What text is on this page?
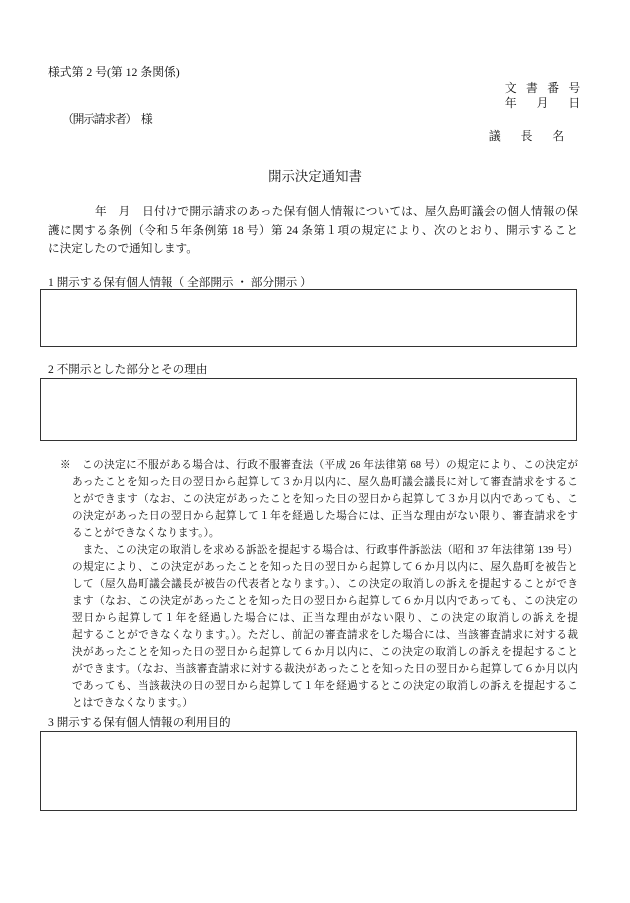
様式第 2 号(第 12 条関係)
文　書　番　号
年　　月　　日
（開示請求者）　様
議　　長　　名
開示決定通知書
年　月　日付けで開示請求のあった保有個人情報については、屋久島町議会の個人情報の保
護に関する条例（令和５年条例第 18 号）第 24 条第１項の規定により、次のとおり、開示すること
に決定したので通知します。
1 開示する保有個人情報（ 全部開示 ・ 部分開示 ）
2 不開示とした部分とその理由
※　この決定に不服がある場合は、行政不服審査法（平成 26 年法律第 68 号）の規定により、この決定が
あったことを知った日の翌日から起算して３か月以内に、屋久島町議会議長に対して審査請求をするこ
とができます（なお、この決定があったことを知った日の翌日から起算して３か月以内であっても、こ
の決定があった日の翌日から起算して１年を経過した場合には、正当な理由がない限り、審査請求をす
ることができなくなります。）。
また、この決定の取消しを求める訴訟を提起する場合は、行政事件訴訟法（昭和 37 年法律第 139 号）
の規定により、この決定があったことを知った日の翌日から起算して６か月以内に、屋久島町を被告と
して（屋久島町議会議長が被告の代表者となります。）、この決定の取消しの訴えを提起することができ
ます（なお、この決定があったことを知った日の翌日から起算して６か月以内であっても、この決定の
翌日から起算して１年を経過した場合には、正当な理由がない限り、この決定の取消しの訴えを提
起することができなくなります。）。ただし、前記の審査請求をした場合には、当該審査請求に対する裁
決があったことを知った日の翌日から起算して６か月以内に、この決定の取消しの訴えを提起すること
ができます。（なお、当該審査請求に対する裁決があったことを知った日の翌日から起算して６か月以内
であっても、当該裁決の日の翌日から起算して１年を経過するとこの決定の取消しの訴えを提起するこ
とはできなくなります。）
3 開示する保有個人情報の利用目的
